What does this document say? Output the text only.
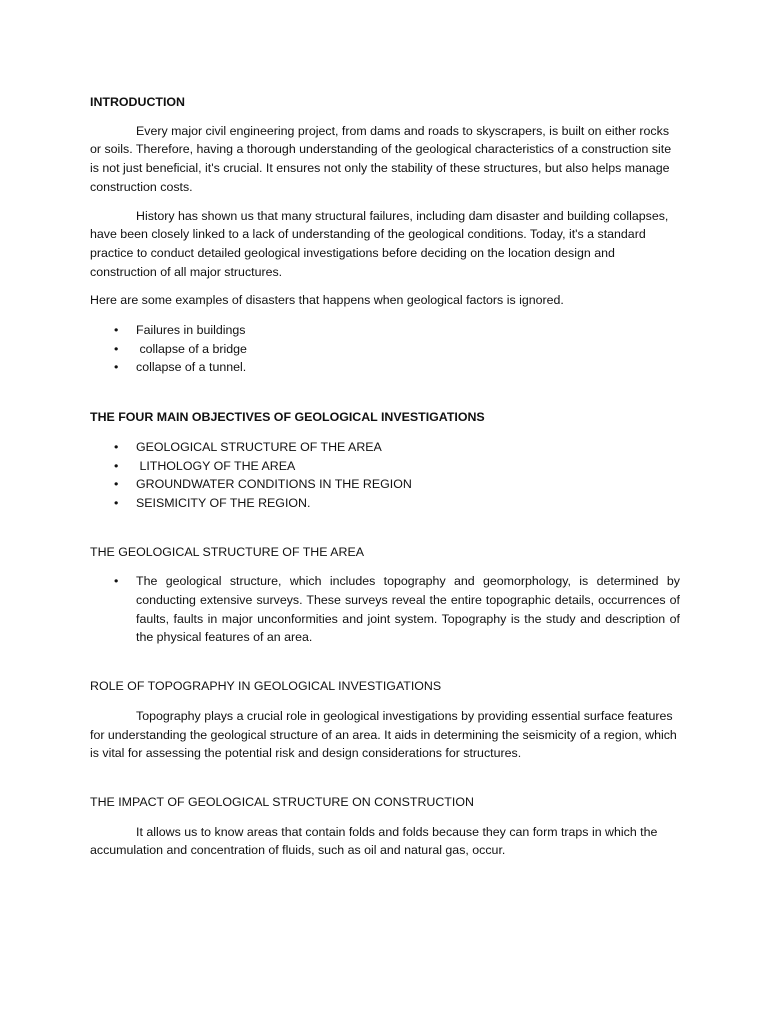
INTRODUCTION

Every major civil engineering project, from dams and roads to skyscrapers, is built on either rocks or soils. Therefore, having a thorough understanding of the geological characteristics of a construction site is not just beneficial, it's crucial. It ensures not only the stability of these structures, but also helps manage construction costs.

History has shown us that many structural failures, including dam disaster and building collapses, have been closely linked to a lack of understanding of the geological conditions. Today, it's a standard practice to conduct detailed geological investigations before deciding on the location design and construction of all major structures.

Here are some examples of disasters that happens when geological factors is ignored.

• Failures in buildings
• collapse of a bridge
• collapse of a tunnel.
THE FOUR MAIN OBJECTIVES OF GEOLOGICAL INVESTIGATIONS
• GEOLOGICAL STRUCTURE OF THE AREA
• LITHOLOGY OF THE AREA
• GROUNDWATER CONDITIONS IN THE REGION
• SEISMICITY OF THE REGION.
THE GEOLOGICAL STRUCTURE OF THE AREA
• The geological structure, which includes topography and geomorphology, is determined by conducting extensive surveys. These surveys reveal the entire topographic details, occurrences of faults, faults in major unconformities and joint system. Topography is the study and description of the physical features of an area.
ROLE OF TOPOGRAPHY IN GEOLOGICAL INVESTIGATIONS

Topography plays a crucial role in geological investigations by providing essential surface features for understanding the geological structure of an area. It aids in determining the seismicity of a region, which is vital for assessing the potential risk and design considerations for structures.

THE IMPACT OF GEOLOGICAL STRUCTURE ON CONSTRUCTION

It allows us to know areas that contain folds and folds because they can form traps in which the accumulation and concentration of fluids, such as oil and natural gas, occur.
